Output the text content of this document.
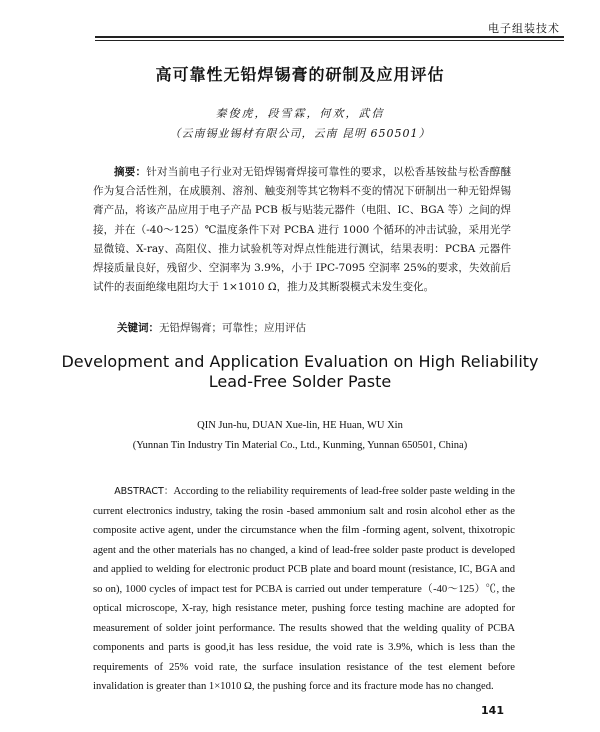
电子组装技术
高可靠性无铅焊锡膏的研制及应用评估
秦俊虎，段雪霖，何欢，武信
（云南锡业锡材有限公司，云南 昆明 650501）
摘要：针对当前电子行业对无铅焊锡膏焊接可靠性的要求，以松香基铵盐与松香醇醚作为复合活性剂，在成膜剂、溶剂、触变剂等其它物料不变的情况下研制出一种无铅焊锡膏产品，将该产品应用于电子产品 PCB 板与贴装元器件（电阻、IC、BGA 等）之间的焊接，并在（-40～125）℃温度条件下对 PCBA 进行 1000 个循环的冲击试验，采用光学显微镜、X-ray、高阻仪、推力试验机等对焊点性能进行测试，结果表明：PCBA 元器件焊接质量良好，残留少、空洞率为 3.9%，小于 IPC-7095 空洞率 25%的要求，失效前后试件的表面绝缘电阻均大于 1×1010 Ω，推力及其断裂模式未发生变化。
关键词：无铅焊锡膏；可靠性；应用评估
Development and Application Evaluation on High Reliability
Lead-Free Solder Paste
QIN Jun-hu, DUAN Xue-lin, HE Huan, WU Xin
(Yunnan Tin Industry Tin Material Co., Ltd., Kunming, Yunnan 650501, China)
ABSTRACT：According to the reliability requirements of lead-free solder paste welding in the current electronics industry, taking the rosin -based ammonium salt and rosin alcohol ether as the composite active agent, under the circumstance when the film -forming agent, solvent, thixotropic agent and the other materials has no changed, a kind of lead-free solder paste product is developed and applied to welding for electronic product PCB plate and board mount (resistance, IC, BGA and so on), 1000 cycles of impact test for PCBA is carried out under temperature（-40～125）℃, the optical microscope, X-ray, high resistance meter, pushing force testing machine are adopted for measurement of solder joint performance. The results showed that the welding quality of PCBA components and parts is good,it has less residue, the void rate is 3.9%, which is less than the requirements of 25% void rate, the surface insulation resistance of the test element before invalidation is greater than 1×1010 Ω, the pushing force and its fracture mode has no changed.
141
